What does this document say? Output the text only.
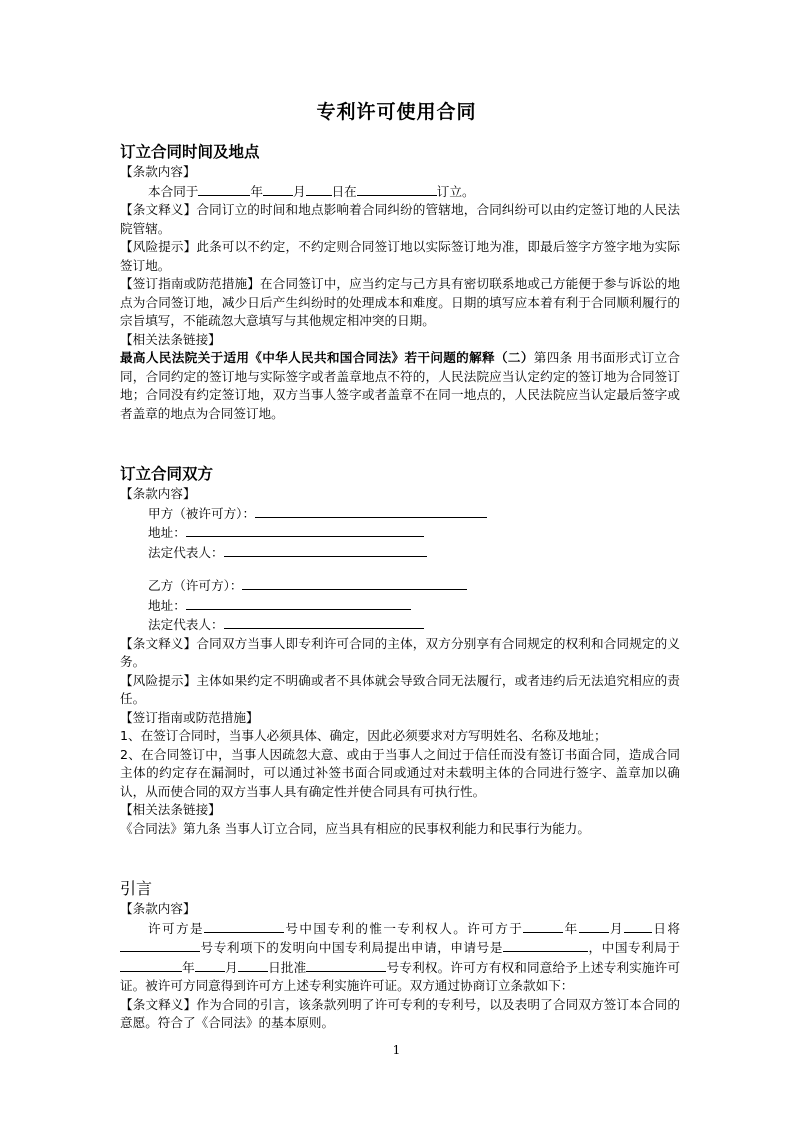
专利许可使用合同
订立合同时间及地点
【条款内容】
本合同于	年 月 日在	订立。
【条文释义】合同订立的时间和地点影响着合同纠纷的管辖地，合同纠纷可以由约定签订地的人民法院管辖。
【风险提示】此条可以不约定，不约定则合同签订地以实际签订地为准，即最后签字方签字地为实际签订地。
【签订指南或防范措施】在合同签订中，应当约定与己方具有密切联系地或己方能便于参与诉讼的地点为合同签订地，减少日后产生纠纷时的处理成本和难度。日期的填写应本着有利于合同顺利履行的宗旨填写，不能疏忽大意填写与其他规定相冲突的日期。
【相关法条链接】
最高人民法院关于适用《中华人民共和国合同法》若干问题的解释（二）第四条 用书面形式订立合同，合同约定的签订地与实际签字或者盖章地点不符的，人民法院应当认定约定的签订地为合同签订地；合同没有约定签订地，双方当事人签字或者盖章不在同一地点的，人民法院应当认定最后签字或者盖章的地点为合同签订地。
订立合同双方
【条款内容】
甲方（被许可方）：
地址：
法定代表人：
乙方（许可方）：
地址：
法定代表人：
【条文释义】合同双方当事人即专利许可合同的主体，双方分别享有合同规定的权利和合同规定的义务。
【风险提示】主体如果约定不明确或者不具体就会导致合同无法履行，或者违约后无法追究相应的责任。
【签订指南或防范措施】
1、在签订合同时，当事人必须具体、确定，因此必须要求对方写明姓名、名称及地址；
2、在合同签订中，当事人因疏忽大意、或由于当事人之间过于信任而没有签订书面合同，造成合同主体的约定存在漏洞时，可以通过补签书面合同或通过对未载明主体的合同进行签字、盖章加以确认，从而使合同的双方当事人具有确定性并使合同具有可执行性。
【相关法条链接】
《合同法》第九条 当事人订立合同，应当具有相应的民事权利能力和民事行为能力。
引言
【条款内容】
许可方是	号中国专利的惟一专利权人。许可方于	年 月 日将号专利项下的发明向中国专利局提出申请，申请号是	，中国专利局于年 月 日批准	号专利权。许可方有权和同意给予上述专利实施许可证。被许可方同意得到许可方上述专利实施许可证。双方通过协商订立条款如下：
【条文释义】作为合同的引言，该条款列明了许可专利的专利号，以及表明了合同双方签订本合同的意愿。符合了《合同法》的基本原则。
1
